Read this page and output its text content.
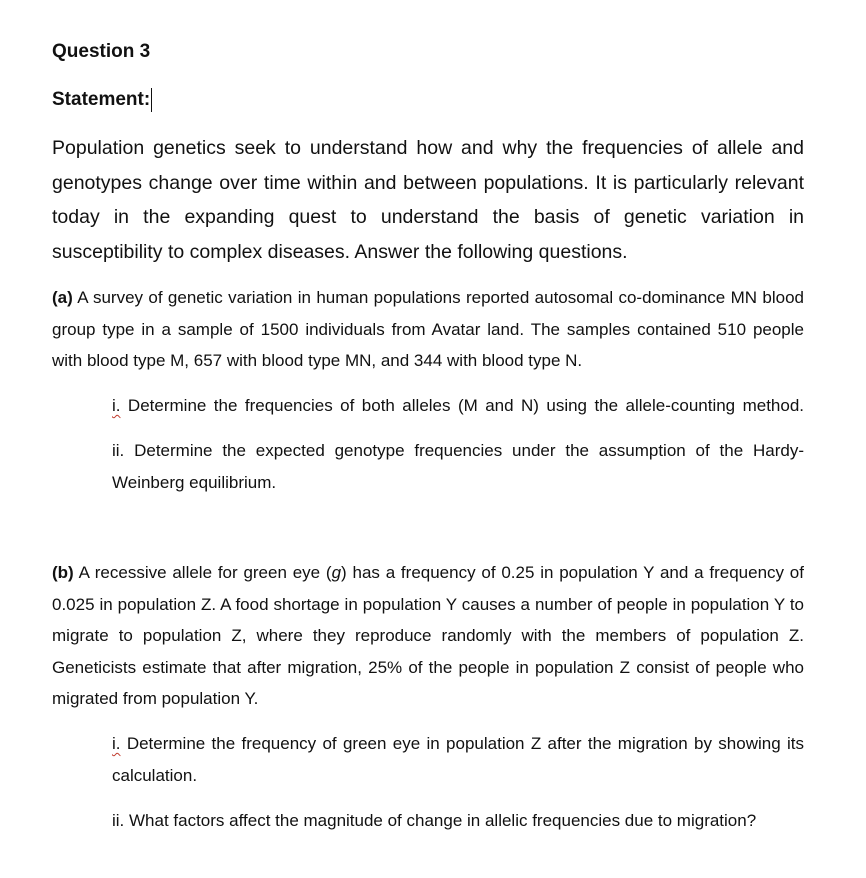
Question 3

Statement:

Population genetics seek to understand how and why the frequencies of allele and genotypes change over time within and between populations. It is particularly relevant today in the expanding quest to understand the basis of genetic variation in susceptibility to complex diseases. Answer the following questions.

(a) A survey of genetic variation in human populations reported autosomal co-dominance MN blood group type in a sample of 1500 individuals from Avatar land. The samples contained 510 people with blood type M, 657 with blood type MN, and 344 with blood type N.

i. Determine the frequencies of both alleles (M and N) using the allele-counting method.

ii. Determine the expected genotype frequencies under the assumption of the Hardy-Weinberg equilibrium.

(b) A recessive allele for green eye (g) has a frequency of 0.25 in population Y and a frequency of 0.025 in population Z. A food shortage in population Y causes a number of people in population Y to migrate to population Z, where they reproduce randomly with the members of population Z. Geneticists estimate that after migration, 25% of the people in population Z consist of people who migrated from population Y.

i. Determine the frequency of green eye in population Z after the migration by showing its calculation.

ii. What factors affect the magnitude of change in allelic frequencies due to migration?
